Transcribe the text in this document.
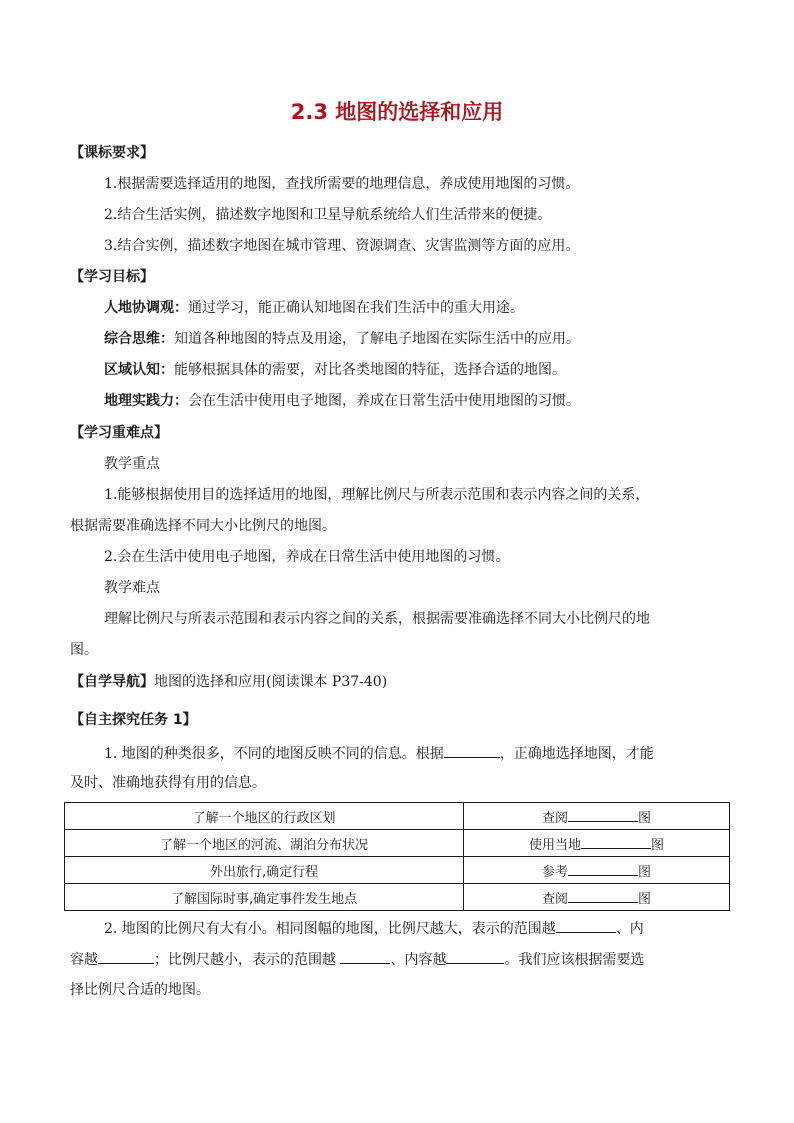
2.3 地图的选择和应用
【课标要求】
1.根据需要选择适用的地图，查找所需要的地理信息，养成使用地图的习惯。
2.结合生活实例，描述数字地图和卫星导航系统给人们生活带来的便捷。
3.结合实例，描述数字地图在城市管理、资源调查、灾害监测等方面的应用。
【学习目标】
人地协调观：通过学习，能正确认知地图在我们生活中的重大用途。
综合思维：知道各种地图的特点及用途，了解电子地图在实际生活中的应用。
区域认知：能够根据具体的需要，对比各类地图的特征，选择合适的地图。
地理实践力：会在生活中使用电子地图，养成在日常生活中使用地图的习惯。
【学习重难点】
教学重点
1.能够根据使用目的选择适用的地图，理解比例尺与所表示范围和表示内容之间的关系，
根据需要准确选择不同大小比例尺的地图。
2.会在生活中使用电子地图，养成在日常生活中使用地图的习惯。
教学难点
理解比例尺与所表示范围和表示内容之间的关系，根据需要准确选择不同大小比例尺的地
图。
【自学导航】地图的选择和应用(阅读课本 P37-40)
【自主探究任务 1】
1. 地图的种类很多，不同的地图反映不同的信息。根据	，正确地选择地图，才能
及时、准确地获得有用的信息。
了解一个地区的行政区划	查阅 图
了解一个地区的河流、湖泊分布状况	使用当地 图
外出旅行,确定行程	参考 图
了解国际时事,确定事件发生地点	查阅 图
2. 地图的比例尺有大有小。相同图幅的地图，比例尺越大，表示的范围越	、内
容越	；比例尺越小，表示的范围越	、内容越	。我们应该根据需要选
择比例尺合适的地图。
